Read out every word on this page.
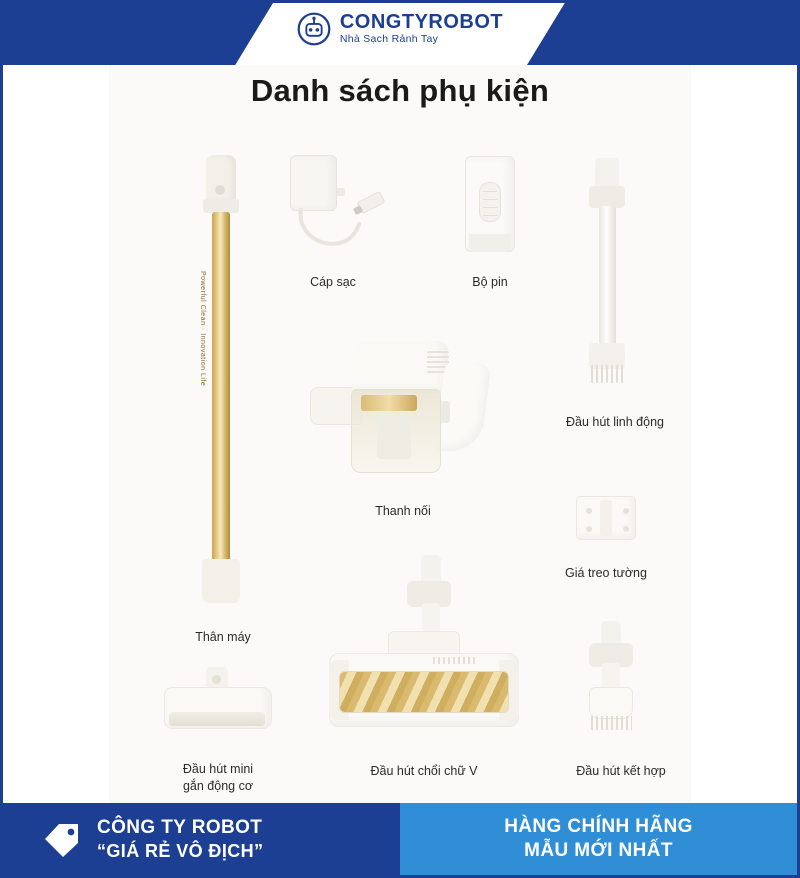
CONGTYROBOT
Nhà Sạch Rảnh Tay
Danh sách phụ kiện
Powerful Clean · Innovation Life
Thân máy
Cáp sạc	Bộ pin
Đầu hút linh động
Thanh nối
Giá treo tường
Đầu hút mini
gắn động cơ
Đầu hút chổi chữ V	Đầu hút kết hợp
CÔNG TY ROBOT
“GIÁ RẺ VÔ ĐỊCH”
HÀNG CHÍNH HÃNG
MẪU MỚI NHẤT
